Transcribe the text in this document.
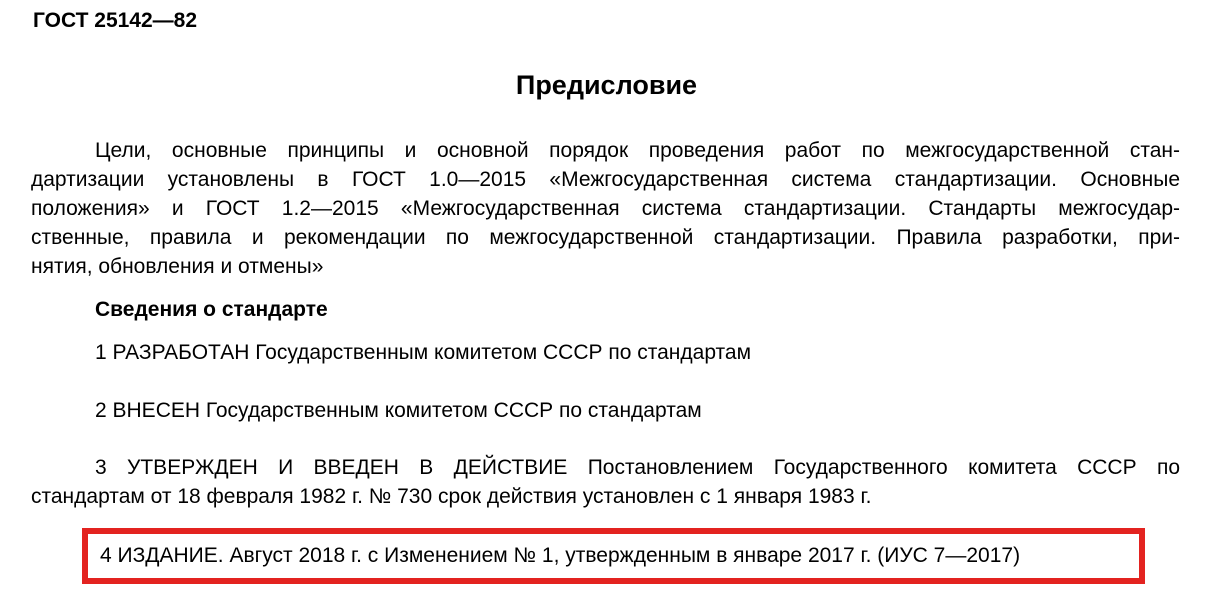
ГОСТ 25142—82
Предисловие
Цели, основные принципы и основной порядок проведения работ по межгосударственной стан-
дартизации установлены в ГОСТ 1.0—2015 «Межгосударственная система стандартизации. Основные
положения» и ГОСТ 1.2—2015 «Межгосударственная система стандартизации. Стандарты межгосудар-
ственные, правила и рекомендации по межгосударственной стандартизации. Правила разработки, при-
нятия, обновления и отмены»
Сведения о стандарте
1 РАЗРАБОТАН Государственным комитетом СССР по стандартам
2 ВНЕСЕН Государственным комитетом СССР по стандартам
3 УТВЕРЖДЕН И ВВЕДЕН В ДЕЙСТВИЕ Постановлением Государственного комитета СССР по
стандартам от 18 февраля 1982 г. № 730 срок действия установлен с 1 января 1983 г.
4 ИЗДАНИЕ. Август 2018 г. с Изменением № 1, утвержденным в январе 2017 г. (ИУС 7—2017)
